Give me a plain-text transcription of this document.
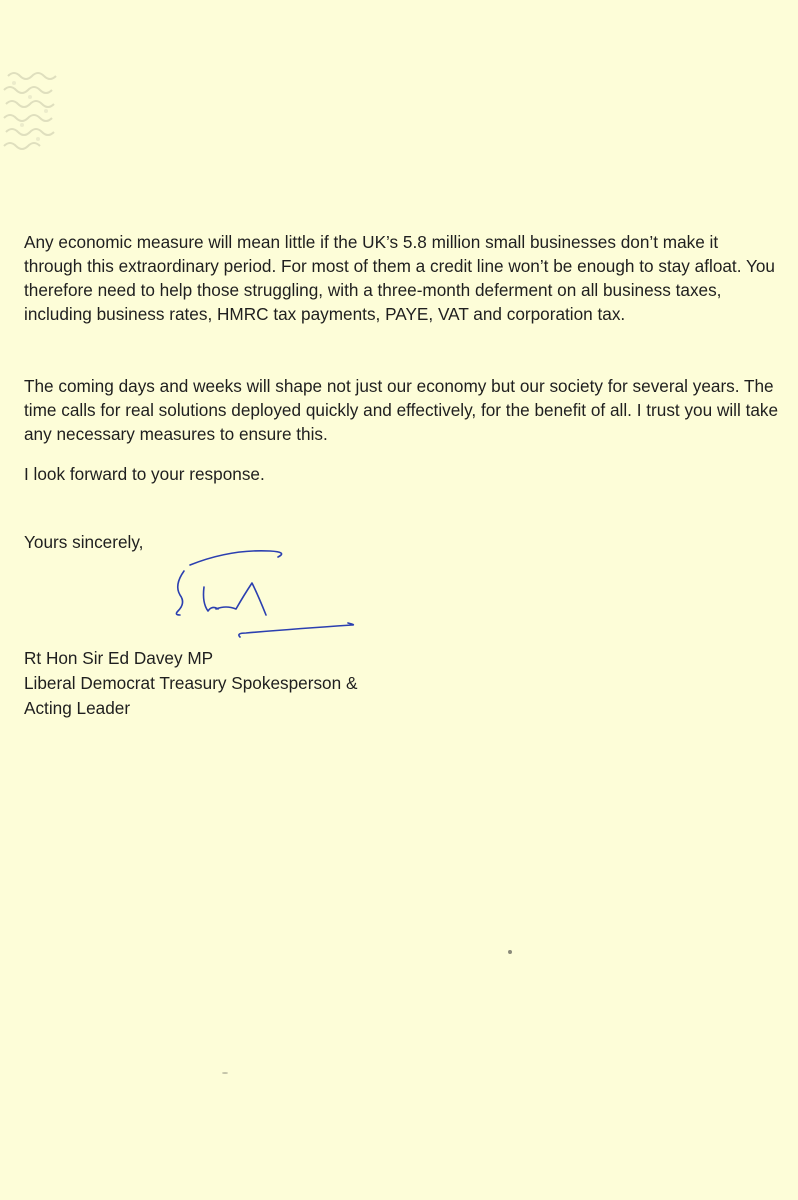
Any economic measure will mean little if the UK’s 5.8 million small businesses don’t make it through this extraordinary period. For most of them a credit line won’t be enough to stay afloat. You therefore need to help those struggling, with a three-month deferment on all business taxes, including business rates, HMRC tax payments, PAYE, VAT and corporation tax.

The coming days and weeks will shape not just our economy but our society for several years. The time calls for real solutions deployed quickly and effectively, for the benefit of all. I trust you will take any necessary measures to ensure this.

I look forward to your response.

Yours sincerely,

Rt Hon Sir Ed Davey MP
Liberal Democrat Treasury Spokesperson &
Acting Leader
